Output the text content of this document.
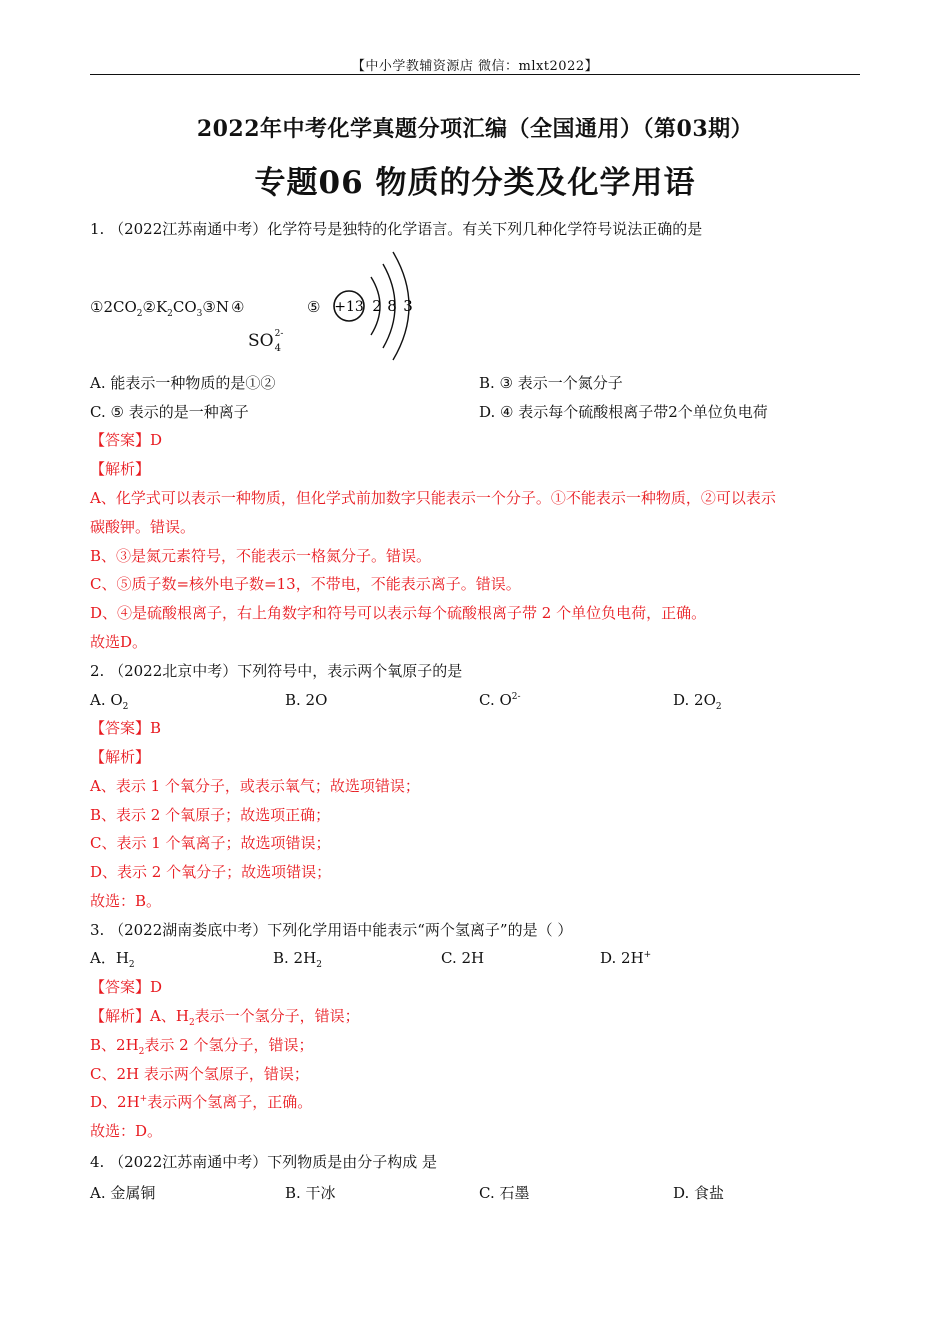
【中小学教辅资源店 微信：mlxt2022】
2022年中考化学真题分项汇编（全国通用）（第03期）
专题06 物质的分类及化学用语
1. （2022江苏南通中考）化学符号是独特的化学语言。有关下列几种化学符号说法正确的是
$①2CO_2②K_2CO_3③N$ ④	⑤
SO 2-
4
+13 2 8 3
A. 能表示一种物质的是①②	B. ③ 表示一个氮分子
C. ⑤ 表示的是一种离子	D. ④ 表示每个硫酸根离子带2个单位负电荷
【答案】D
【解析】
A、化学式可以表示一种物质，但化学式前加数字只能表示一个分子。①不能表示一种物质，②可以表示
碳酸钾。错误。
B、③是氮元素符号，不能表示一格氮分子。错误。
C、⑤质子数=核外电子数=13，不带电，不能表示离子。错误。
D、④是硫酸根离子，右上角数字和符号可以表示每个硫酸根离子带 2 个单位负电荷，正确。
故选D。
2. （2022北京中考）下列符号中，表示两个氧原子的是
A. $O_2$	B. 2O	C. $O^{2-}$	D. $2O_2$
【答案】B
【解析】
A、表示 1 个氧分子，或表示氧气；故选项错误；
B、表示 2 个氧原子；故选项正确；
C、表示 1 个氧离子；故选项错误；
D、表示 2 个氧分子；故选项错误；
故选：B。
3. （2022湖南娄底中考）下列化学用语中能表示“两个氢离子”的是（ ）
A．$H_2$	B. $2H_2$	C. 2H	D. 2H+
【答案】D
【解析】A、$H_2$表示一个氢分子，错误；
B、$2H_2$表示 2 个氢分子，错误；
C、2H 表示两个氢原子，错误；
D、2H+表示两个氢离子，正确。
故选：D。
4. （2022江苏南通中考）下列物质是由分子构成 是
A. 金属铜	B. 干冰	C. 石墨	D. 食盐
